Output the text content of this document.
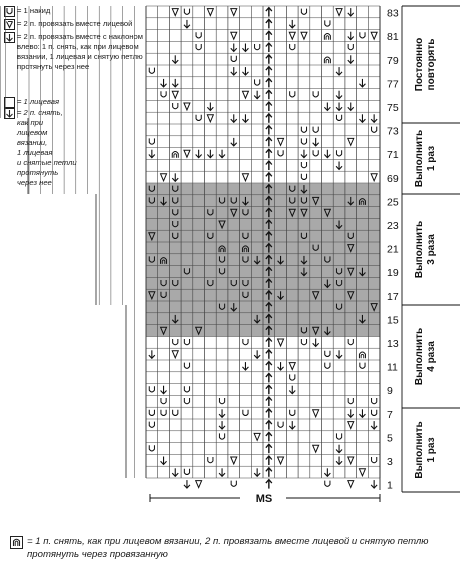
= 1 накид
= 2 п. провязать вместе лицевой
= 2 п. провязать вместе с наклоном
влево: 1 п. снять, как при лицевом
вязании, 1 лицевая и снятую петлю
протянуть через нее
= 1 лицевая
= 2 п. снять,
как при
лицевом
вязании,
1 лицевая
и снятые петли
протянуть
через нее
1
3
5
7
9
11
13
15
17
19
21
23
25
69
71
73
75
77
79
81
83
Постоянно повторять
Выполнить 1 раз
Выполнить 3 раза
Выполнить 4 раза
Выполнить 1 раз
MS
= 1 п. снять, как при лицевом вязании, 2 п. провязать вместе лицевой и снятую петлю протянуть через провязанную
